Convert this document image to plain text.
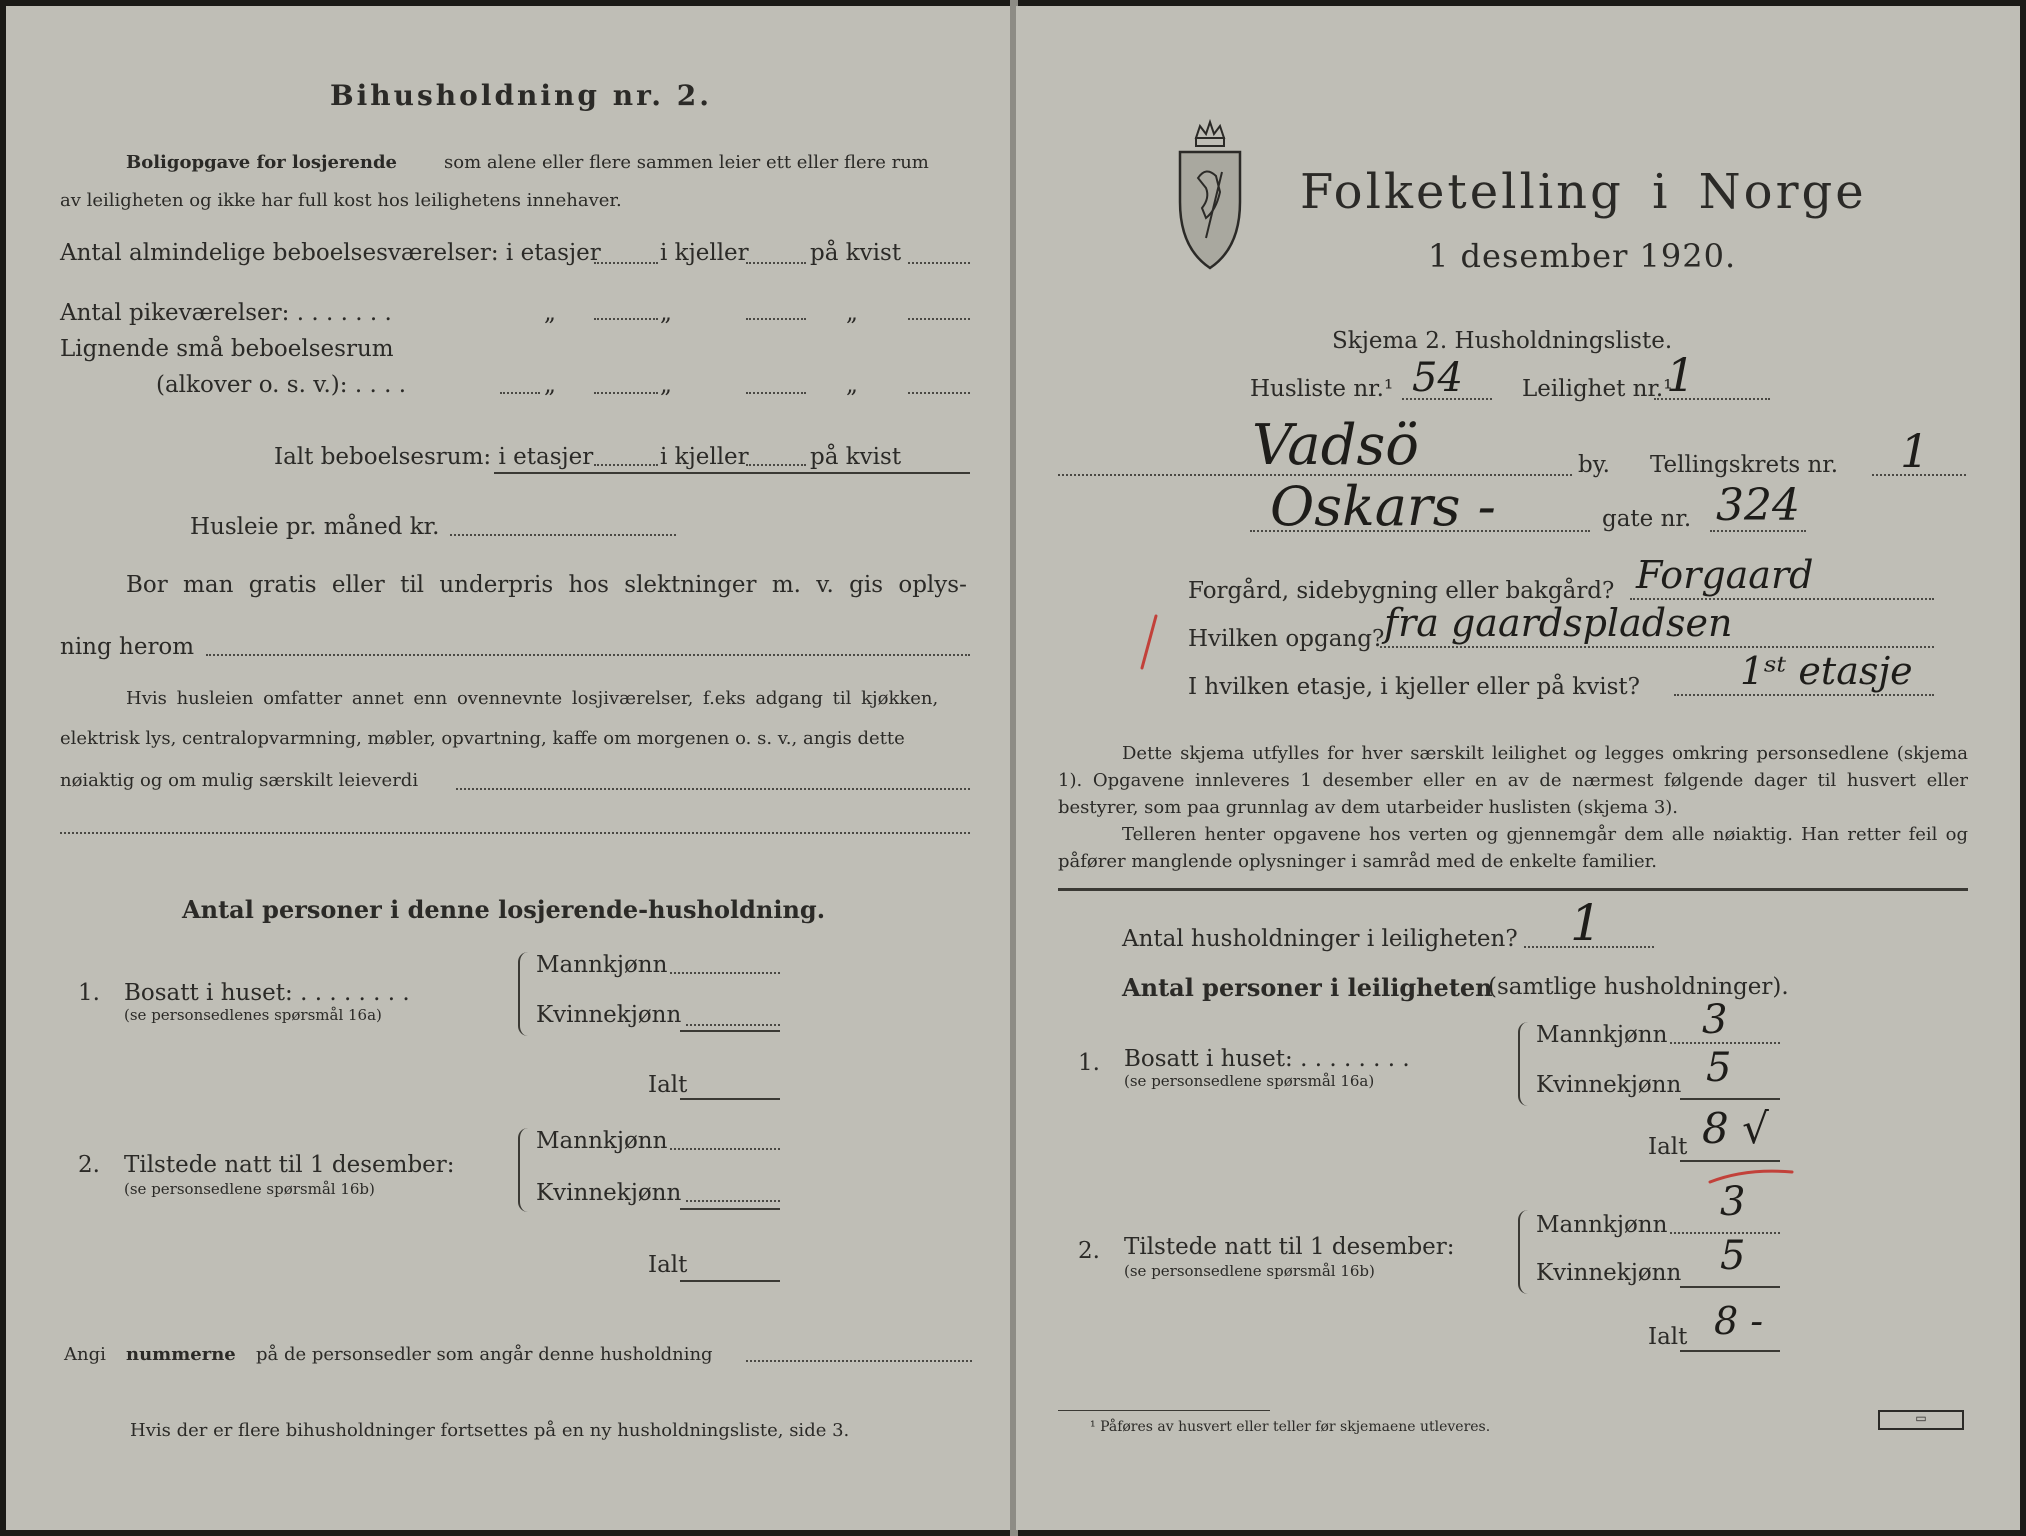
Bihusholdning nr. 2.
Boligopgave for losjerende	som alene eller flere sammen leier ett eller flere rum
av leiligheten og ikke har full kost hos leilighetens innehaver.
Antal almindelige beboelsesværelser: i etasjer	i kjeller	på kvist
Antal pikeværelser: . . . . . . .	„	„	„
Lignende små beboelsesrum
(alkover o. s. v.): . . . .	„	„	„
Ialt beboelsesrum: i etasjer	i kjeller	på kvist
Husleie pr. måned kr.
Bor man gratis eller til underpris hos slektninger m. v. gis oplys-
ning herom
Hvis husleien omfatter annet enn ovennevnte losjiværelser, f.eks adgang til kjøkken,
elektrisk lys, centralopvarmning, møbler, opvartning, kaffe om morgenen o. s. v., angis dette
nøiaktig og om mulig særskilt leieverdi
Antal personer i denne losjerende-husholdning.
1. Bosatt i huset: . . . . . . . .
(se personsedlenes spørsmål 16a)
Mannkjønn
Kvinnekjønn
Ialt
2. Tilstede natt til 1 desember:
(se personsedlene spørsmål 16b)
Mannkjønn
Kvinnekjønn
Ialt
Angi nummerne på de personsedler som angår denne husholdning
Hvis der er flere bihusholdninger fortsettes på en ny husholdningsliste, side 3.
Folketelling i Norge
1 desember 1920.
Skjema 2. Husholdningsliste.
Husliste nr.¹ 54	Leilighet nr.¹
1
Vadsö	by. Tellingskrets nr. 1
Oskars -	gate nr. 324
Forgård, sidebygning eller bakgård? Forgaard
Hvilken opgang? fra gaardspladsen
I hvilken etasje, i kjeller eller på kvist?	1ˢᵗ etasje
Dette skjema utfylles for hver særskilt leilighet og legges omkring personsedlene (skjema 1). Opgavene innleveres 1 desember eller en av de nærmest følgende dager til husvert eller bestyrer, som paa grunnlag av dem utarbeider huslisten (skjema 3).
Telleren henter opgavene hos verten og gjennemgår dem alle nøiaktig. Han retter feil og påfører manglende oplysninger i samråd med de enkelte familier.
Antal husholdninger i leiligheten? 1
Antal personer i leiligheten
(samtlige husholdninger).
1. Bosatt i huset: . . . . . . . .
(se personsedlene spørsmål 16a)
Mannkjønn 3
Kvinnekjønn 5
Ialt 8 √
2. Tilstede natt til 1 desember:
(se personsedlene spørsmål 16b)
Mannkjønn 3
Kvinnekjønn 5
Ialt 8 -
¹ Påføres av husvert eller teller før skjemaene utleveres.
▭
